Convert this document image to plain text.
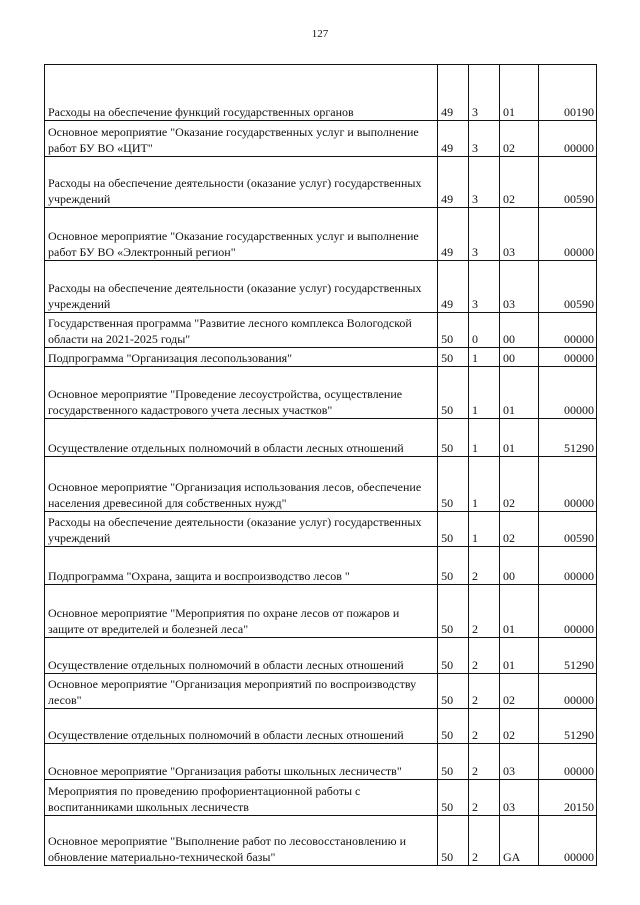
127
Расходы на обеспечение функций государственных органов	49	3	01	00190
Основное мероприятие "Оказание государственных услуг и выполнение работ БУ ВО «ЦИТ"	49	3	02	00000
Расходы на обеспечение деятельности (оказание услуг) государственных учреждений	49	3	02	00590
Основное мероприятие "Оказание государственных услуг и выполнение работ БУ ВО «Электронный регион"	49	3	03	00000
Расходы на обеспечение деятельности (оказание услуг) государственных учреждений	49	3	03	00590
Государственная программа "Развитие лесного комплекса Вологодской области на 2021-2025 годы"	50	0	00	00000
Подпрограмма "Организация лесопользования"	50	1	00	00000
Основное мероприятие "Проведение лесоустройства, осуществление государственного кадастрового учета лесных участков"	50	1	01	00000
Осуществление отдельных полномочий в области лесных отношений	50	1	01	51290
Основное мероприятие "Организация использования лесов, обеспечение населения древесиной для собственных нужд"	50	1	02	00000
Расходы на обеспечение деятельности (оказание услуг) государственных учреждений	50	1	02	00590
Подпрограмма "Охрана, защита и воспроизводство лесов "	50	2	00	00000
Основное мероприятие "Мероприятия по охране лесов от пожаров и защите от вредителей и болезней леса"	50	2	01	00000
Осуществление отдельных полномочий в области лесных отношений	50	2	01	51290
Основное мероприятие "Организация мероприятий по воспроизводству лесов"	50	2	02	00000
Осуществление отдельных полномочий в области лесных отношений	50	2	02	51290
Основное мероприятие "Организация работы школьных лесничеств"	50	2	03	00000
Мероприятия по проведению профориентационной работы с воспитанниками школьных лесничеств	50	2	03	20150
Основное мероприятие "Выполнение работ по лесовосстановлению и обновление материально-технической базы"	50	2	GA	00000
